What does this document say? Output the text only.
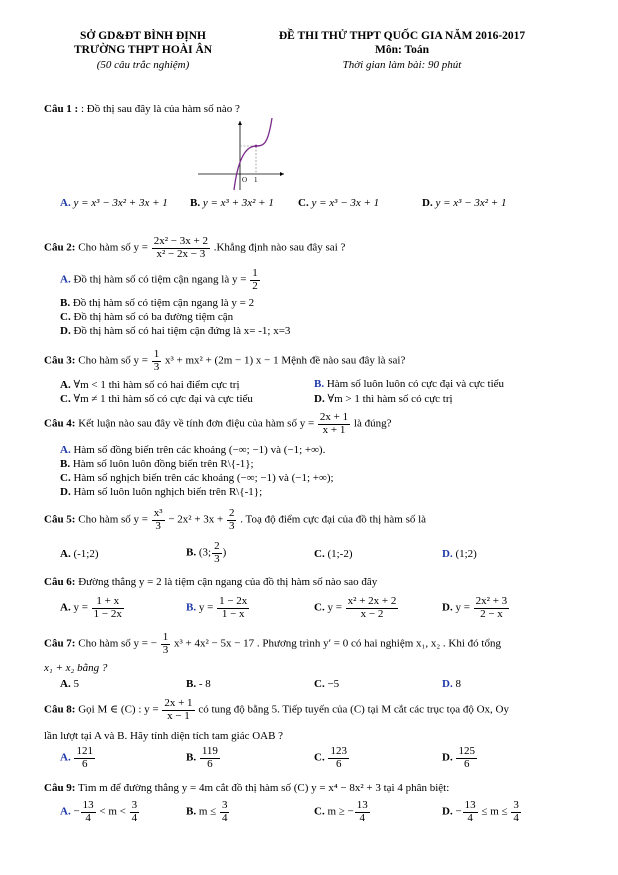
SỞ GD&ĐT BÌNH ĐỊNH
TRƯỜNG THPT HOÀI ÂN
(50 câu trắc nghiệm)
ĐỀ THI THỬ THPT QUỐC GIA NĂM 2016-2017
Môn: Toán
Thời gian làm bài: 90 phút
Câu 1 : : Đồ thị sau đây là của hàm số nào ?
O 1
A. y = x³ − 3x² + 3x + 1 B. y = x³ + 3x² + 1 C. y = x³ − 3x + 1	D. y = x³ − 3x² + 1
Câu 2: Cho hàm số $y = \frac{\text{2x² − 3x + 2}}{\text{x² − 2x − 3}}$ .Khẳng định nào sau đây sai ?
A. Đồ thị hàm số có tiệm cận ngang là $y = \frac{1}{2}$
B. Đồ thị hàm số có tiệm cận ngang là y = 2
C. Đồ thị hàm số có ba đường tiệm cận
D. Đồ thị hàm số có hai tiệm cận đứng là x= -1; x=3
Câu 3: Cho hàm số $y = \frac{1}{3} x^3 + mx^2 + (2m - 1) x - 1$ Mệnh đề nào sau đây là sai?
A. ∀m < 1 thì hàm số có hai điểm cực trị	B. Hàm số luôn luôn có cực đại và cực tiểu
C. ∀m ≠ 1 thì hàm số có cực đại và cực tiểu	D. ∀m > 1 thì hàm số có cực trị
Câu 4: Kết luận nào sau đây về tính đơn điệu của hàm số $y = \frac{2x + 1}{x + 1}$ là đúng?
A. Hàm số đồng biến trên các khoảng (−∞; −1) và (−1; +∞).
B. Hàm số luôn luôn đồng biến trên R\{-1};
C. Hàm số nghịch biến trên các khoảng (−∞; −1) và (−1; +∞);
D. Hàm số luôn luôn nghịch biến trên R\{-1};
Câu 5: Cho hàm số $y = \frac{\text{x³}}{3} - 2x^2 + 3x + \frac{2}{3}$ . Toạ độ điểm cực đại của đồ thị hàm số là
A. (-1;2)	B. (3; $\frac{2}{3}$ )	C. (1;-2)	D. (1;2)
Câu 6: Đường thẳng y = 2 là tiệm cận ngang của đồ thị hàm số nào sao đây
A. $y = \frac{1 + x}{1 - 2x}$	B. $y = \frac{1 - 2x}{1 - x}$	C. $y = \frac{\text{x² + 2x + 2}}{x - 2}$	D. $y = \frac{\text{2x² + 3}}{2 - x}$
Câu 7: Cho hàm số y = − $\frac{1}{3} x^3 + 4x^2 - 5x - 17$ . Phương trình y′ = 0 có hai nghiệm x₁, x₂ . Khi đó tổng
x₁ + x₂ bằng ?
A. 5	B. - 8	C. −5	D. 8
Câu 8: Gọi M ∈ (C) : $y = \frac{2x + 1}{x - 1}$ có tung độ bằng 5. Tiếp tuyến của (C) tại M cắt các trục tọa độ Ox, Oy
lần lượt tại A và B. Hãy tính diện tích tam giác OAB ?
A. $\frac{121}{6}$	B. $\frac{119}{6}$	C. $\frac{123}{6}$	D. $\frac{125}{6}$
Câu 9: Tìm m để đường thẳng y = 4m cắt đồ thị hàm số (C) y = x⁴ − 8x² + 3 tại 4 phân biệt:
A. − $\frac{13}{4} < m < \frac{3}{4}$	B. $m \le \frac{3}{4}$	C. m ≥ − $\frac{13}{4}$	D. − $\frac{13}{4} \le m \le \frac{3}{4}$
